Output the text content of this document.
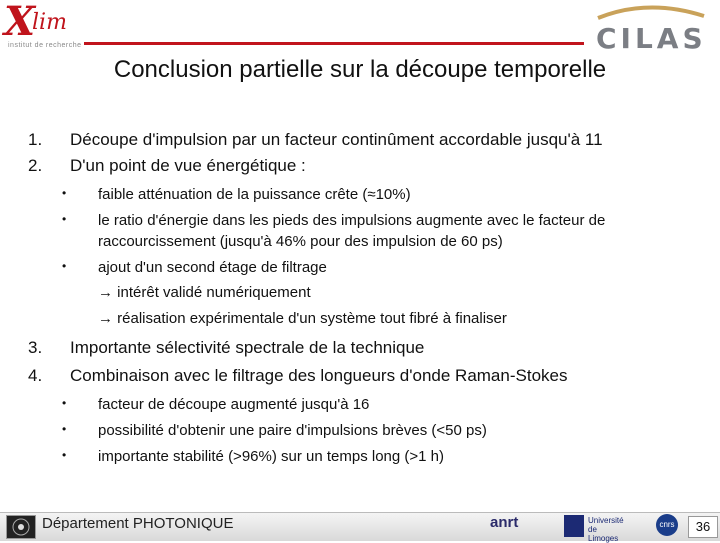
X
lim
institut de recherche	CILAS
Conclusion partielle sur la découpe temporelle
1. Découpe d'impulsion par un facteur continûment accordable jusqu'à 11
2. D'un point de vue énergétique :
• faible atténuation de la puissance crête (≈10%)
• le ratio d'énergie dans les pieds des impulsions augmente avec le facteur de
raccourcissement (jusqu'à 46% pour des impulsion de 60 ps)
• ajout d'un second étage de filtrage
→ intérêt validé numériquement
→ réalisation expérimentale d'un système tout fibré à finaliser
3. Importante sélectivité spectrale de la technique
4. Combinaison avec le filtrage des longueurs d'onde Raman-Stokes
• facteur de découpe augmenté jusqu'à 16
• possibilité d'obtenir une paire d'impulsions brèves (<50 ps)
• importante stabilité (>96%) sur un temps long (>1 h)
Département PHOTONIQUE	anrt	Université de Limoges
cnrs	36
